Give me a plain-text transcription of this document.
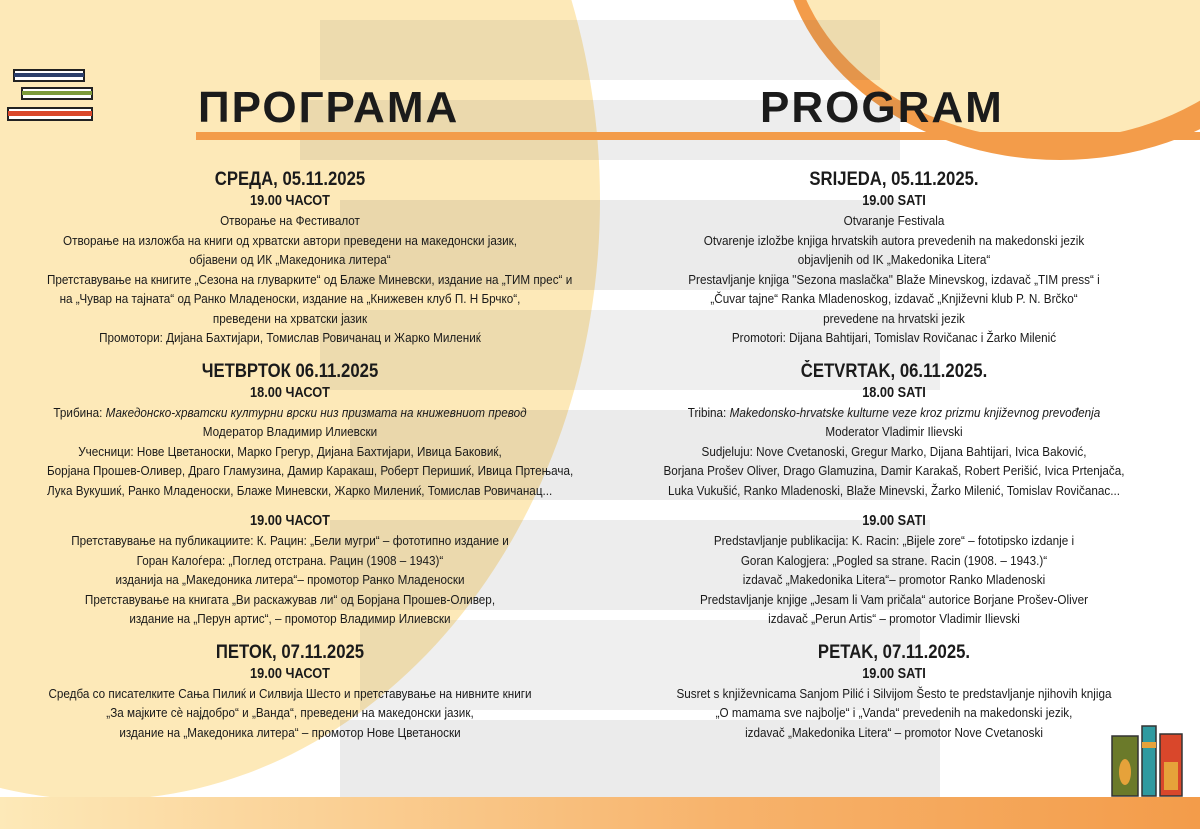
ПРОГРАМА	PROGRAM
СРЕДА, 05.11.2025
19.00 ЧАСОТ
Отворање на Фестивалот
Отворање на изложба на книги од хрватски автори преведени на македонски јазик,
објавени од ИК „Македоника литера“
Претставување на книгите „Сезона на глуварките“ од Блаже Миневски, издание на „ТИМ прес“ и
на „Чувар на тајната“ од Ранко Младеноски, издание на „Книжевен клуб П. Н Брчко“,
преведени на хрватски јазик
Промотори: Дијана Бахтијари, Томислав Ровичанац и Жарко Милениќ
ЧЕТВРТОК 06.11.2025
18.00 ЧАСОТ
Трибина: Македонско-хрватски културни врски низ призмата на книжевниот превод
Модератор Владимир Илиевски
Учесници: Нове Цветаноски, Марко Грегур, Дијана Бахтијари, Ивица Баковиќ,
Борјана Прошев-Оливер, Драго Гламузина, Дамир Каракаш, Роберт Перишиќ, Ивица Пртењача,
Лука Вукушиќ, Ранко Младеноски, Блаже Миневски, Жарко Милениќ, Томислав Ровичанац...
19.00 ЧАСОТ
Претставување на публикациите: К. Рацин: „Бели мугри“ – фототипно издание и
Горан Калоѓера: „Поглед отстрана. Рацин (1908 – 1943)“
изданија на „Македоника литера“– промотор Ранко Младеноски
Претставување на книгата „Ви раскажував ли“ од Борјана Прошев-Оливер,
издание на „Перун артис“, – промотор Владимир Илиевски
ПЕТОК, 07.11.2025
19.00 ЧАСОТ
Средба со писателките Сања Пилиќ и Силвија Шесто и претставување на нивните книги
„За мајките сѐ најдобро“ и „Ванда“, преведени на македонски јазик,
издание на „Македоника литера“ – промотор Нове Цветаноски
SRIJEDA, 05.11.2025.
19.00 SATI
Otvaranje Festivala
Otvarenje izložbe knjiga hrvatskih autora prevedenih na makedonski jezik
objavljenih od IK „Makedonika Litera“
Prestavljanje knjiga "Sezona maslačka" Blaže Minevskog, izdavač „TIM press“ i
„Čuvar tajne“ Ranka Mladenoskog, izdavač „Književni klub P. N. Brčko“
prevedene na hrvatski jezik
Promotori: Dijana Bahtijari, Tomislav Rovičanac i Žarko Milenić
ČETVRTAK, 06.11.2025.
18.00 SATI
Tribina: Makedonsko-hrvatske kulturne veze kroz prizmu književnog prevođenja
Moderator Vladimir Ilievski
Sudjeluju: Nove Cvetanoski, Gregur Marko, Dijana Bahtijari, Ivica Baković,
Borjana Prošev Oliver, Drago Glamuzina, Damir Karakaš, Robert Perišić, Ivica Prtenjača,
Luka Vukušić, Ranko Mladenoski, Blaže Minevski, Žarko Milenić, Tomislav Rovičanac...
19.00 SATI
Predstavljanje publikacija: K. Racin: „Bijele zore“ – fototipsko izdanje i
Goran Kalogjera: „Pogled sa strane. Racin (1908. – 1943.)“
izdavač „Makedonika Litera“– promotor Ranko Mladenoski
Predstavljanje knjige „Jesam li Vam pričala“ autorice Borjane Prošev-Oliver
izdavač „Perun Artis“ – promotor Vladimir Ilievski
PETAK, 07.11.2025.
19.00 SATI
Susret s književnicama Sanjom Pilić i Silvijom Šesto te predstavljanje njihovih knjiga
„O mamama sve najbolje“ i „Vanda“ prevedenih na makedonski jezik,
izdavač „Makedonika Litera“ – promotor Nove Cvetanoski
